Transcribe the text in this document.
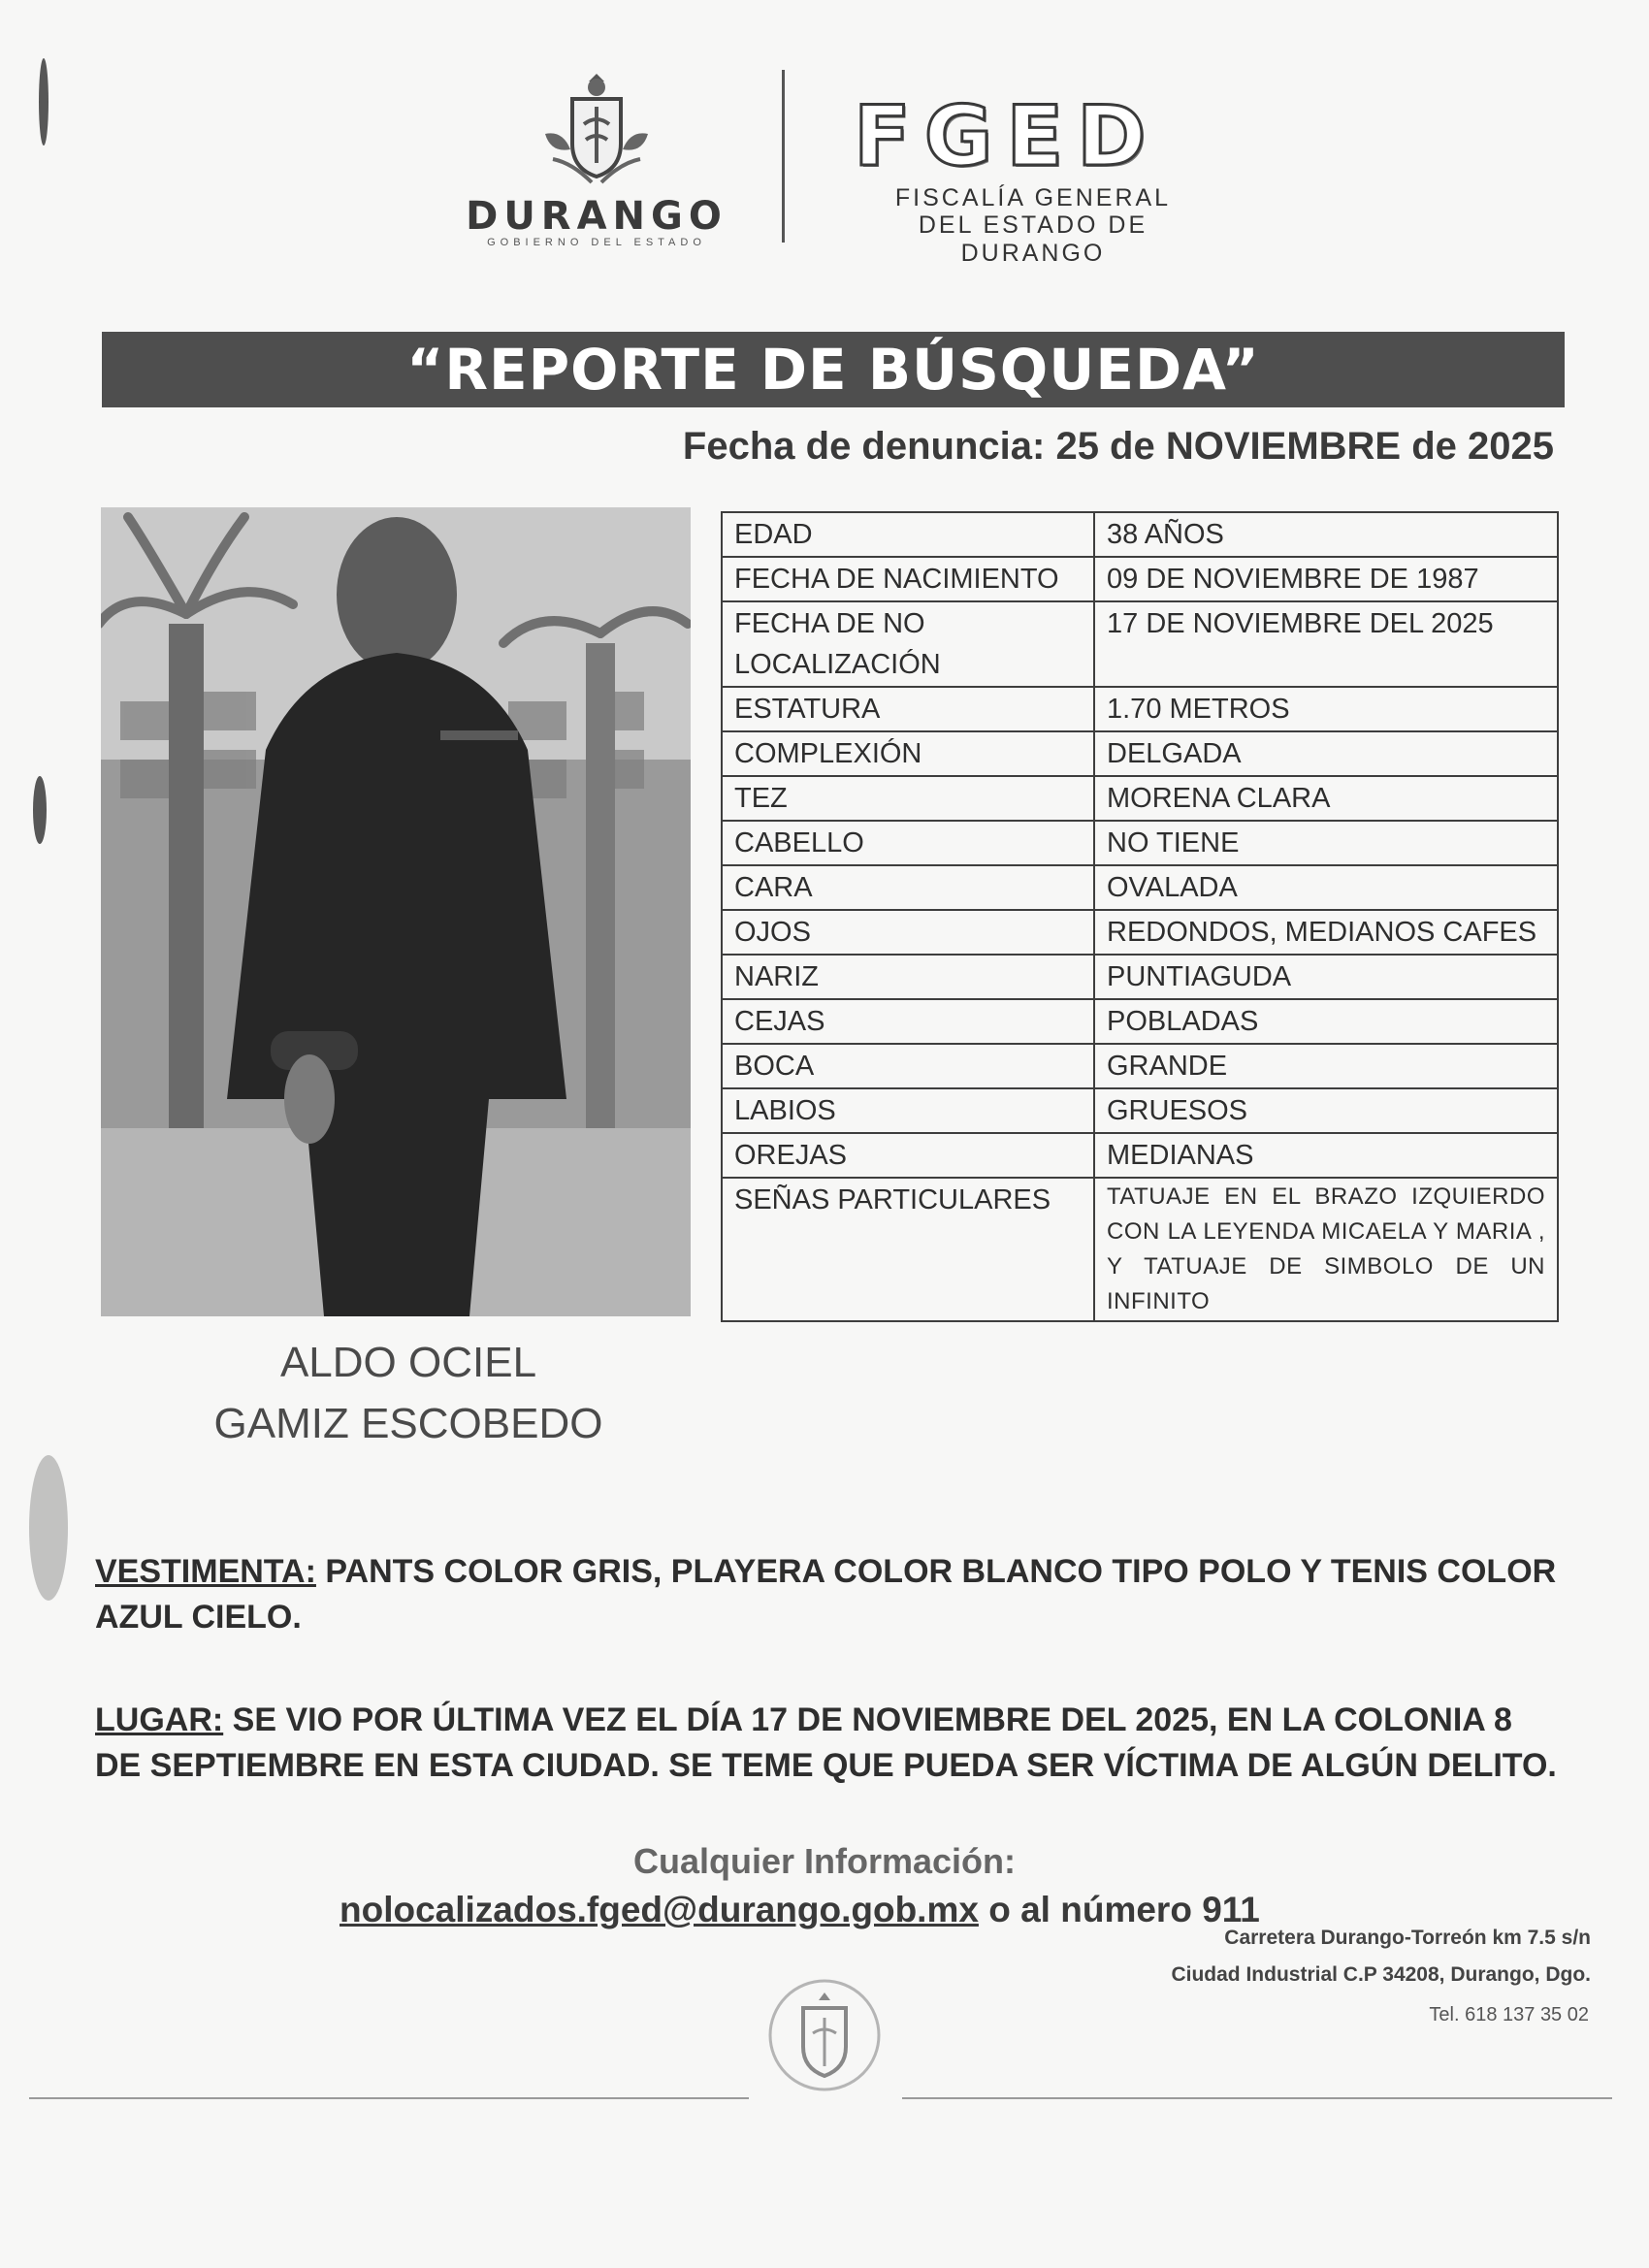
DURANGO
GOBIERNO DEL ESTADO
FGED
FISCALÍA GENERAL
DEL ESTADO DE DURANGO
“REPORTE DE BÚSQUEDA”
Fecha de denuncia: 25 de NOVIEMBRE de 2025
ALDO OCIEL
GAMIZ ESCOBEDO
EDAD	38 AÑOS
FECHA DE NACIMIENTO	09 DE NOVIEMBRE DE 1987
FECHA DE NO LOCALIZACIÓN	17 DE NOVIEMBRE DEL 2025
ESTATURA	1.70 METROS
COMPLEXIÓN	DELGADA
TEZ	MORENA CLARA
CABELLO	NO TIENE
CARA	OVALADA
OJOS	REDONDOS, MEDIANOS CAFES
NARIZ	PUNTIAGUDA
CEJAS	POBLADAS
BOCA	GRANDE
LABIOS	GRUESOS
OREJAS	MEDIANAS
SEÑAS PARTICULARES	TATUAJE EN EL BRAZO IZQUIERDO CON LA LEYENDA MICAELA Y MARIA , Y TATUAJE DE SIMBOLO DE UN INFINITO
VESTIMENTA: PANTS COLOR GRIS, PLAYERA COLOR BLANCO TIPO POLO Y TENIS COLOR AZUL CIELO.
LUGAR: SE VIO POR ÚLTIMA VEZ EL DÍA 17 DE NOVIEMBRE DEL 2025, EN LA COLONIA 8 DE SEPTIEMBRE EN ESTA CIUDAD. SE TEME QUE PUEDA SER VÍCTIMA DE ALGÚN DELITO.
Cualquier Información:
nolocalizados.fged@durango.gob.mx o al número 911
Carretera Durango-Torreón km 7.5 s/n
Ciudad Industrial C.P 34208, Durango, Dgo.
Tel. 618 137 35 02
